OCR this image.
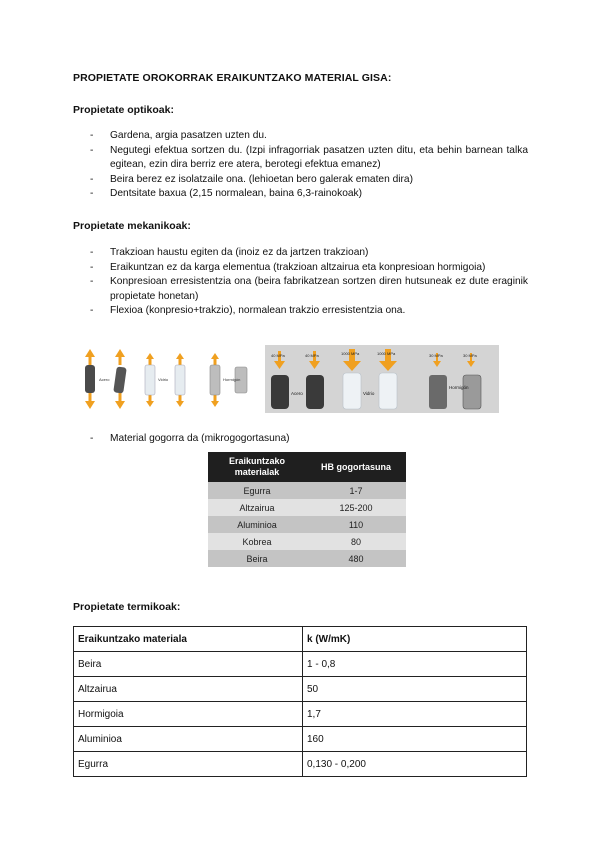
PROPIETATE OROKORRAK ERAIKUNTZAKO MATERIAL GISA:
Propietate optikoak:
- Gardena, argia pasatzen uzten du.
- Negutegi efektua sortzen du. (Izpi infragorriak pasatzen uzten ditu, eta behin barnean talka egitean, ezin dira berriz ere atera, berotegi efektua emanez)
- Beira berez ez isolatzaile ona. (lehioetan bero galerak ematen dira)
- Dentsitate baxua (2,15 normalean, baina 6,3-rainokoak)
Propietate mekanikoak:
- Trakzioan haustu egiten da (inoiz ez da jartzen trakzioan)
- Eraikuntzan ez da karga elementua (trakzioan altzairua eta konpresioan hormigoia)
- Konpresioan erresistentzia ona (beira fabrikatzean sortzen diren hutsuneak ez dute eraginik propietate honetan)
- Flexioa (konpresio+trakzio), normalean trakzio erresistentzia ona.
Acero	Vidrio	Hormigón
40 MPa	40 MPa	1000 MPa	1000 MPa	30 MPa	30 MPa
Acero	Vidrio
Hormigón
- Material gogorra da (mikrogogortasuna)
Eraikuntzako materialak	HB gogortasuna
Egurra	1-7
Altzairua	125-200
Aluminioa	110
Kobrea	80
Beira	480
Propietate termikoak:
Eraikuntzako materiala	k (W/mK)
Beira	1 - 0,8
Altzairua	50
Hormigoia	1,7
Aluminioa	160
Egurra	0,130 - 0,200
